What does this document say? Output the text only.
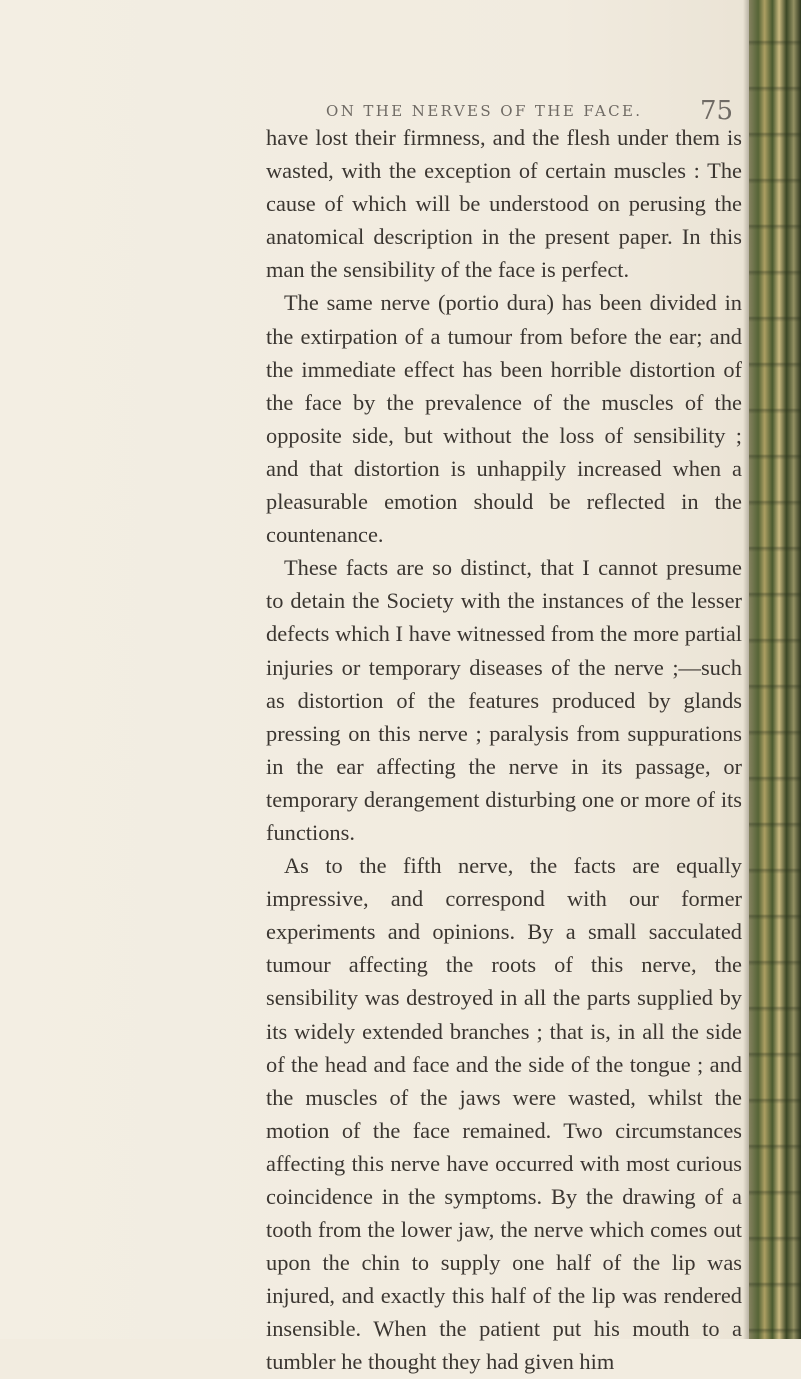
ON THE NERVES OF THE FACE. 75

have lost their firmness, and the flesh under them is wasted, with the exception of certain muscles : The cause of which will be understood on perusing the anatomical description in the present paper. In this man the sensibility of the face is perfect.

The same nerve (portio dura) has been divided in the extirpation of a tumour from before the ear; and the immediate effect has been horrible distortion of the face by the prevalence of the muscles of the opposite side, but without the loss of sensibility ; and that distortion is unhappily increased when a pleasurable emotion should be reflected in the countenance.

These facts are so distinct, that I cannot presume to detain the Society with the instances of the lesser defects which I have witnessed from the more partial injuries or temporary diseases of the nerve ;—such as distortion of the features produced by glands pressing on this nerve ; paralysis from suppurations in the ear affecting the nerve in its passage, or temporary derangement disturbing one or more of its functions.

As to the fifth nerve, the facts are equally impressive, and correspond with our former experiments and opinions. By a small sacculated tumour affecting the roots of this nerve, the sensibility was destroyed in all the parts supplied by its widely extended branches ; that is, in all the side of the head and face and the side of the tongue ; and the muscles of the jaws were wasted, whilst the motion of the face remained. Two circumstances affecting this nerve have occurred with most curious coincidence in the symptoms. By the drawing of a tooth from the lower jaw, the nerve which comes out upon the chin to supply one half of the lip was injured, and exactly this half of the lip was rendered insensible. When the patient put his mouth to a tumbler he thought they had given him
